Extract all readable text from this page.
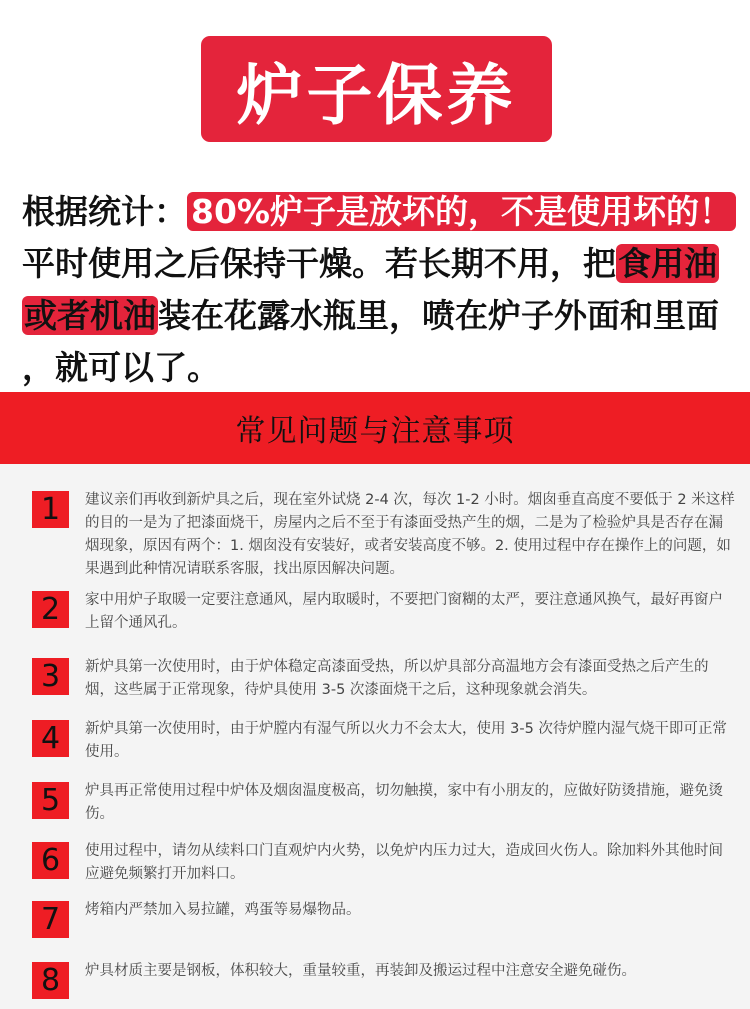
炉子保养

根据统计： 80%炉子是放坏的，不是使用坏的！

平时使用之后保持干燥。若长期不用，把食用油

或者机油装在花露水瓶里，喷在炉子外面和里面

，就可以了。

常见问题与注意事项
1	建议亲们再收到新炉具之后，现在室外试烧 2-4 次，每次 1-2 小时。烟囱垂直高度不要低于 2 米这样的目的一是为了把漆面烧干，房屋内之后不至于有漆面受热产生的烟，二是为了检验炉具是否存在漏烟现象，原因有两个：1. 烟囱没有安装好，或者安装高度不够。2. 使用过程中存在操作上的问题，如果遇到此种情况请联系客服，找出原因解决问题。
2	家中用炉子取暖一定要注意通风，屋内取暖时，不要把门窗糊的太严，要注意通风换气，最好再窗户上留个通风孔。
3	新炉具第一次使用时，由于炉体稳定高漆面受热，所以炉具部分高温地方会有漆面受热之后产生的烟，这些属于正常现象，待炉具使用 3-5 次漆面烧干之后，这种现象就会消失。
4	新炉具第一次使用时，由于炉膛内有湿气所以火力不会太大，使用 3-5 次待炉膛内湿气烧干即可正常使用。
5	炉具再正常使用过程中炉体及烟囱温度极高，切勿触摸，家中有小朋友的，应做好防烫措施，避免烫伤。
6	使用过程中，请勿从续料口门直观炉内火势，以免炉内压力过大，造成回火伤人。除加料外其他时间应避免频繁打开加料口。
7	烤箱内严禁加入易拉罐，鸡蛋等易爆物品。
8	炉具材质主要是钢板，体积较大，重量较重，再装卸及搬运过程中注意安全避免碰伤。
